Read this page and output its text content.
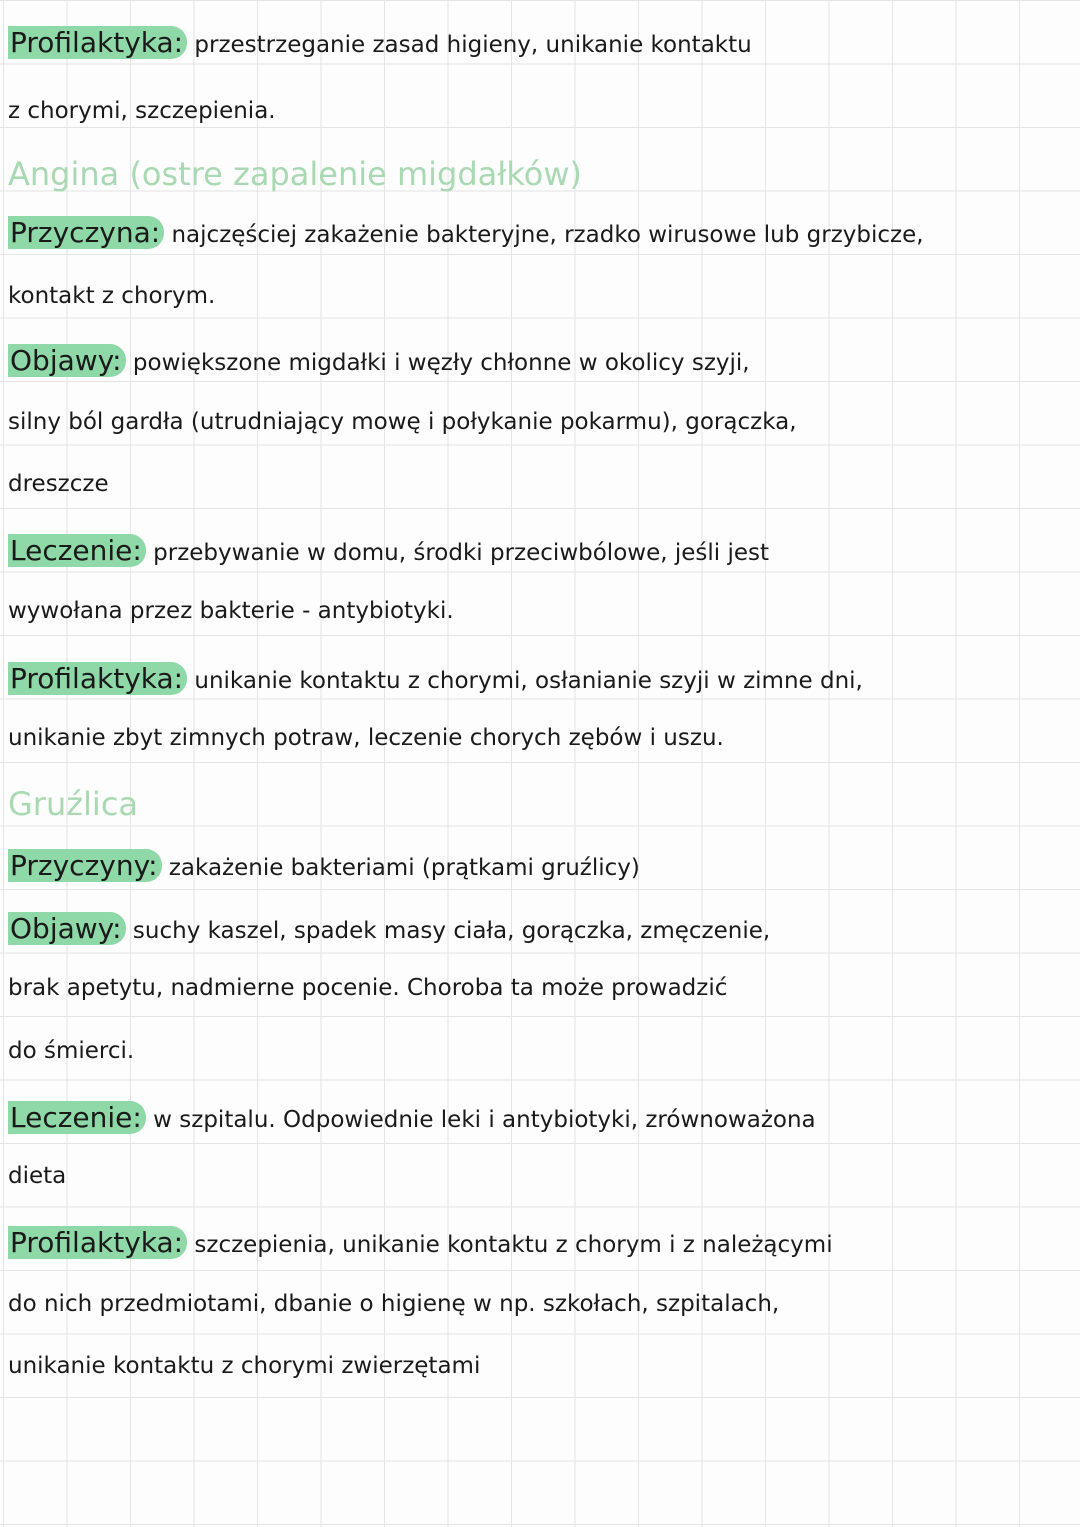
Profilaktyka: przestrzeganie zasad higieny, unikanie kontaktu
z chorymi, szczepienia.
Angina (ostre zapalenie migdałków)
Przyczyna: najczęściej zakażenie bakteryjne, rzadko wirusowe lub grzybicze,
kontakt z chorym.
Objawy: powiększone migdałki i węzły chłonne w okolicy szyji,
silny ból gardła (utrudniający mowę i połykanie pokarmu), gorączka,
dreszcze
Leczenie: przebywanie w domu, środki przeciwbólowe, jeśli jest
wywołana przez bakterie - antybiotyki.
Profilaktyka: unikanie kontaktu z chorymi, osłanianie szyji w zimne dni,
unikanie zbyt zimnych potraw, leczenie chorych zębów i uszu.
Gruźlica
Przyczyny: zakażenie bakteriami (prątkami gruźlicy)
Objawy: suchy kaszel, spadek masy ciała, gorączka, zmęczenie,
brak apetytu, nadmierne pocenie. Choroba ta może prowadzić
do śmierci.
Leczenie: w szpitalu. Odpowiednie leki i antybiotyki, zrównoważona
dieta
Profilaktyka: szczepienia, unikanie kontaktu z chorym i z należącymi
do nich przedmiotami, dbanie o higienę w np. szkołach, szpitalach,
unikanie kontaktu z chorymi zwierzętami
